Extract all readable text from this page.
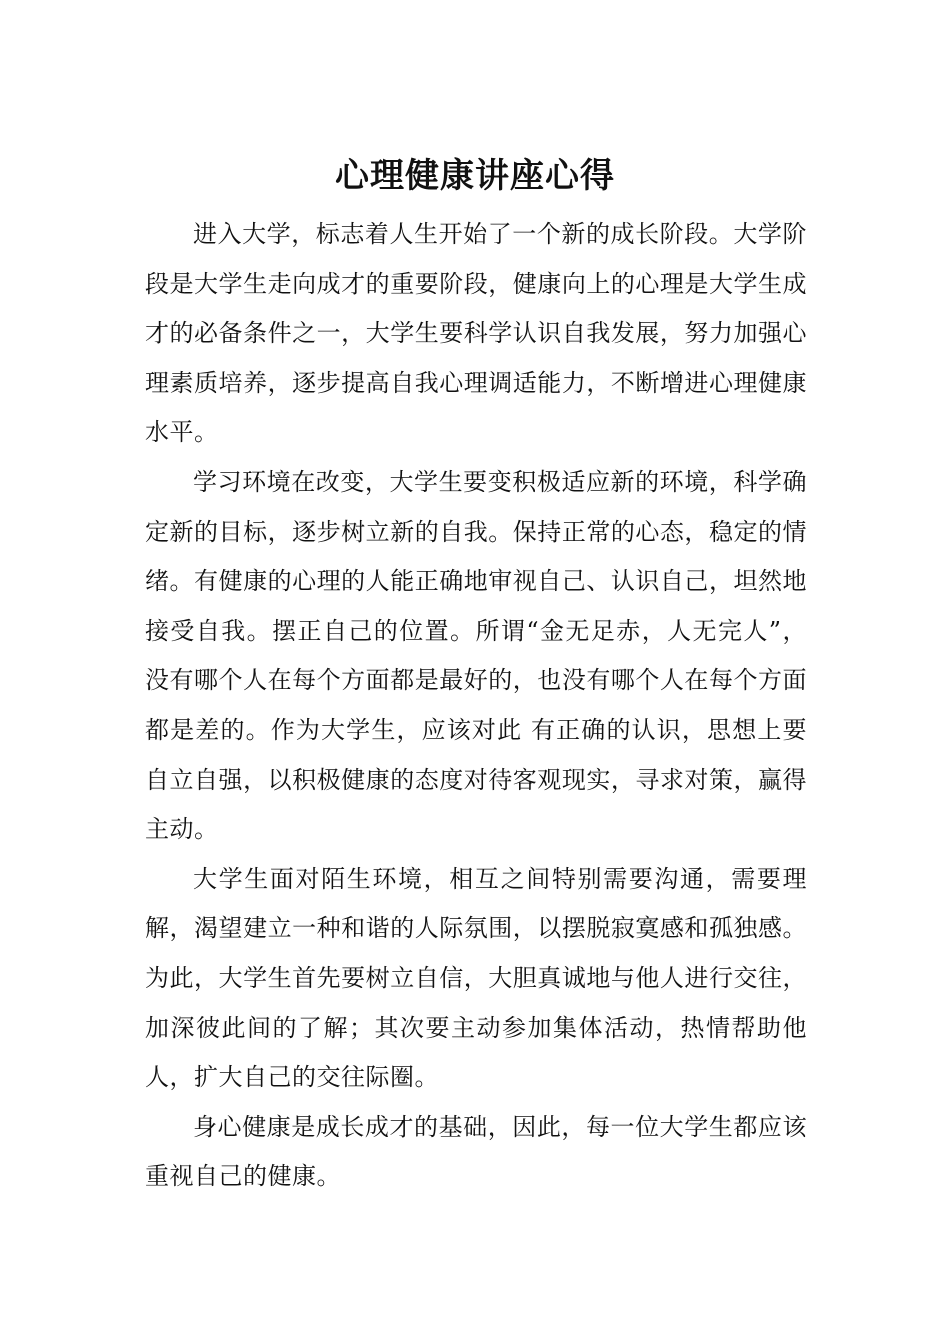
心理健康讲座心得

进入大学，标志着人生开始了一个新的成长阶段。大学阶段是大学生走向成才的重要阶段，健康向上的心理是大学生成才的必备条件之一，大学生要科学认识自我发展，努力加强心理素质培养，逐步提高自我心理调适能力，不断增进心理健康水平。

学习环境在改变，大学生要变积极适应新的环境，科学确定新的目标，逐步树立新的自我。保持正常的心态，稳定的情绪。有健康的心理的人能正确地审视自己、认识自己，坦然地接受自我。摆正自己的位置。所谓“金无足赤，人无完人”，没有哪个人在每个方面都是最好的，也没有哪个人在每个方面都是差的。作为大学生，应该对此 有正确的认识，思想上要自立自强，以积极健康的态度对待客观现实，寻求对策，赢得主动。

大学生面对陌生环境，相互之间特别需要沟通，需要理解，渴望建立一种和谐的人际氛围，以摆脱寂寞感和孤独感。为此，大学生首先要树立自信，大胆真诚地与他人进行交往，加深彼此间的了解；其次要主动参加集体活动，热情帮助他人，扩大自己的交往际圈。

身心健康是成长成才的基础，因此，每一位大学生都应该重视自己的健康。
